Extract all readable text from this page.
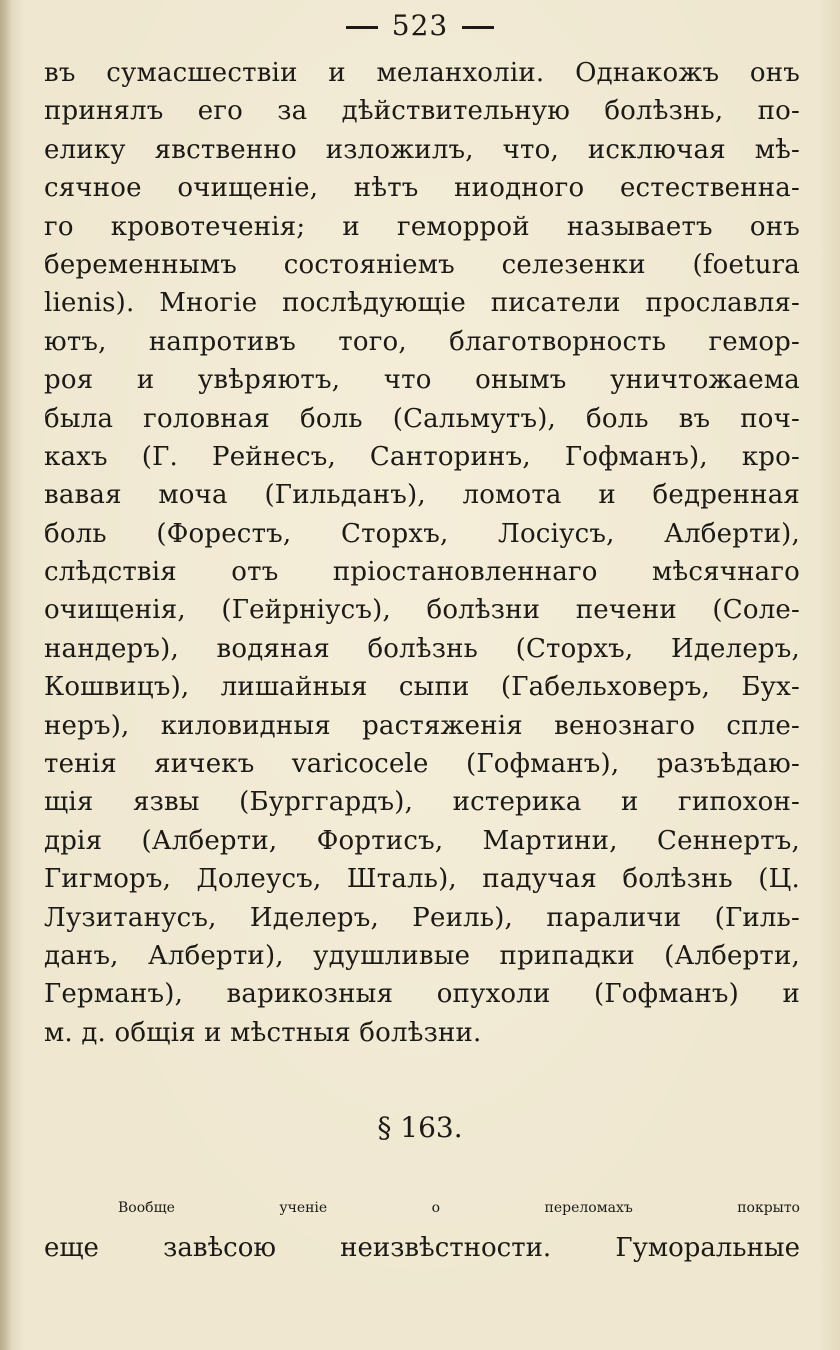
523
въ сумасшествіи и меланхоліи. Однакожъ онъ
принялъ его за дѣйствительную болѣзнь, по-
елику явственно изложилъ, что, исключая мѣ-
сячное очищеніе, нѣтъ ниодного естественна-
го кровотеченія; и геморрой называетъ онъ
беременнымъ состояніемъ селезенки (foetura
lienis). Многіе послѣдующіе писатели прославля-
ютъ, напротивъ того, благотворность гемор-
роя и увѣряютъ, что онымъ уничтожаема
была головная боль (Сальмутъ), боль въ поч-
кахъ (Г. Рейнесъ, Санторинъ, Гофманъ), кро-
вавая моча (Гильданъ), ломота и бедренная
боль (Форестъ, Сторхъ, Лосіусъ, Алберти),
слѣдствія отъ пріостановленнаго мѣсячнаго
очищенія, (Гейрніусъ), болѣзни печени (Соле-
нандеръ), водяная болѣзнь (Сторхъ, Иделеръ,
Кошвицъ), лишайныя сыпи (Габельховеръ, Бух-
неръ), киловидныя растяженія венознаго спле-
тенія яичекъ varicocele (Гофманъ), разъѣдаю-
щія язвы (Бурггардъ), истерика и гипохон-
дрія (Алберти, Фортисъ, Мартини, Сеннертъ,
Гигморъ, Долеусъ, Шталь), падучая болѣзнь (Ц.
Лузитанусъ, Иделеръ, Реиль), параличи (Гиль-
данъ, Алберти), удушливые припадки (Алберти,
Германъ), варикозныя опухоли (Гофманъ) и
м. д. общія и мѣстныя болѣзни.
§ 163.
Вообще ученіе о переломахъ покрыто
еще завѣсою неизвѣстности. Гуморальные
